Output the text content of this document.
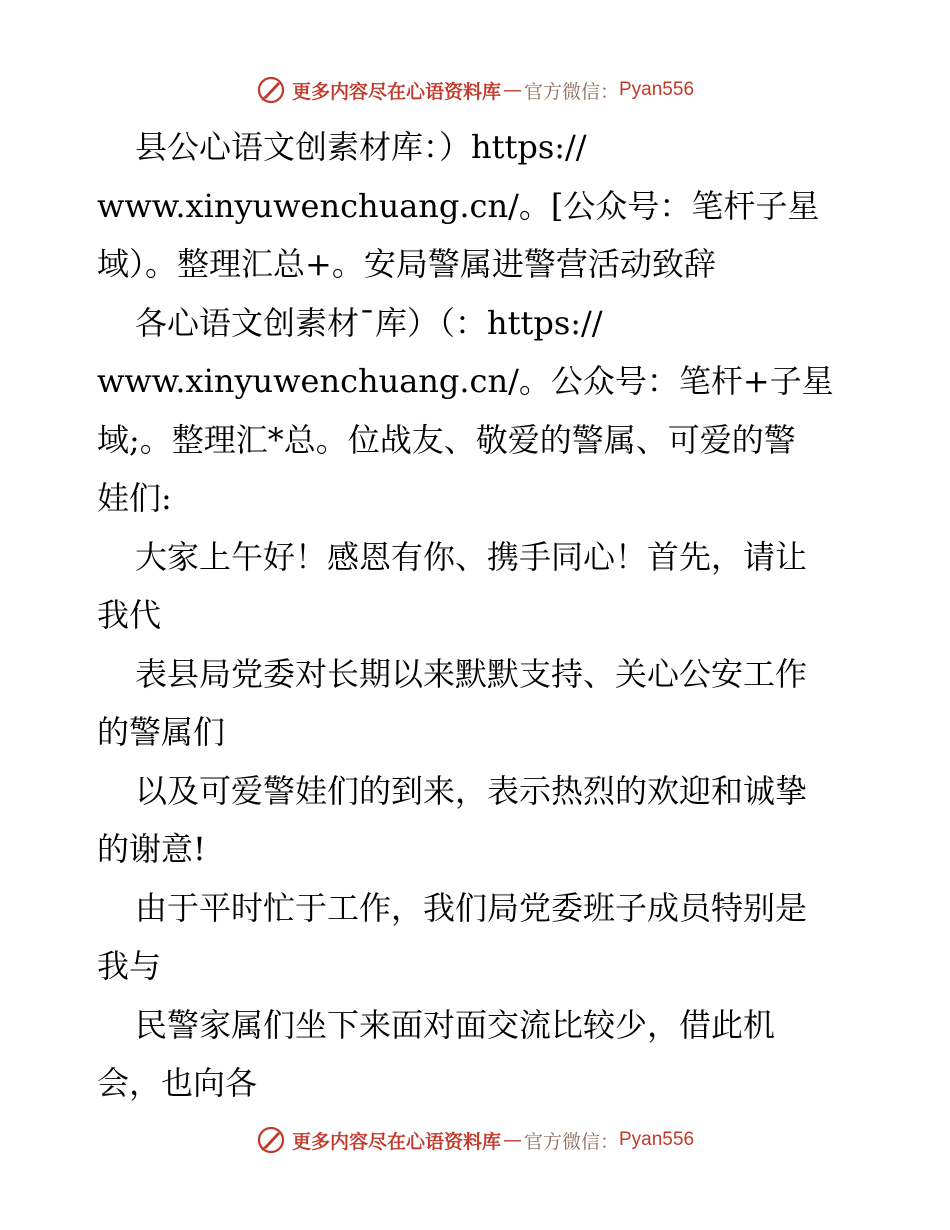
更多内容尽在心语资料库 — 官方微信： Pyan556
县公心语文创素材库：）https://
www.xinyuwenchuang.cn/。[公众号：笔杆子星
域）。整理汇总+。安局警属进警营活动致辞
各心语文创素材¯库）（：https://
www.xinyuwenchuang.cn/。公众号：笔杆+子星
域;。整理汇*总。位战友、敬爱的警属、可爱的警
娃们:
大家上午好！感恩有你、携手同心！首先，请让
我代
表县局党委对长期以来默默支持、关心公安工作
的警属们
以及可爱警娃们的到来，表示热烈的欢迎和诚挚
的谢意!
由于平时忙于工作，我们局党委班子成员特别是
我与
民警家属们坐下来面对面交流比较少，借此机
会，也向各
更多内容尽在心语资料库 — 官方微信： Pyan556
